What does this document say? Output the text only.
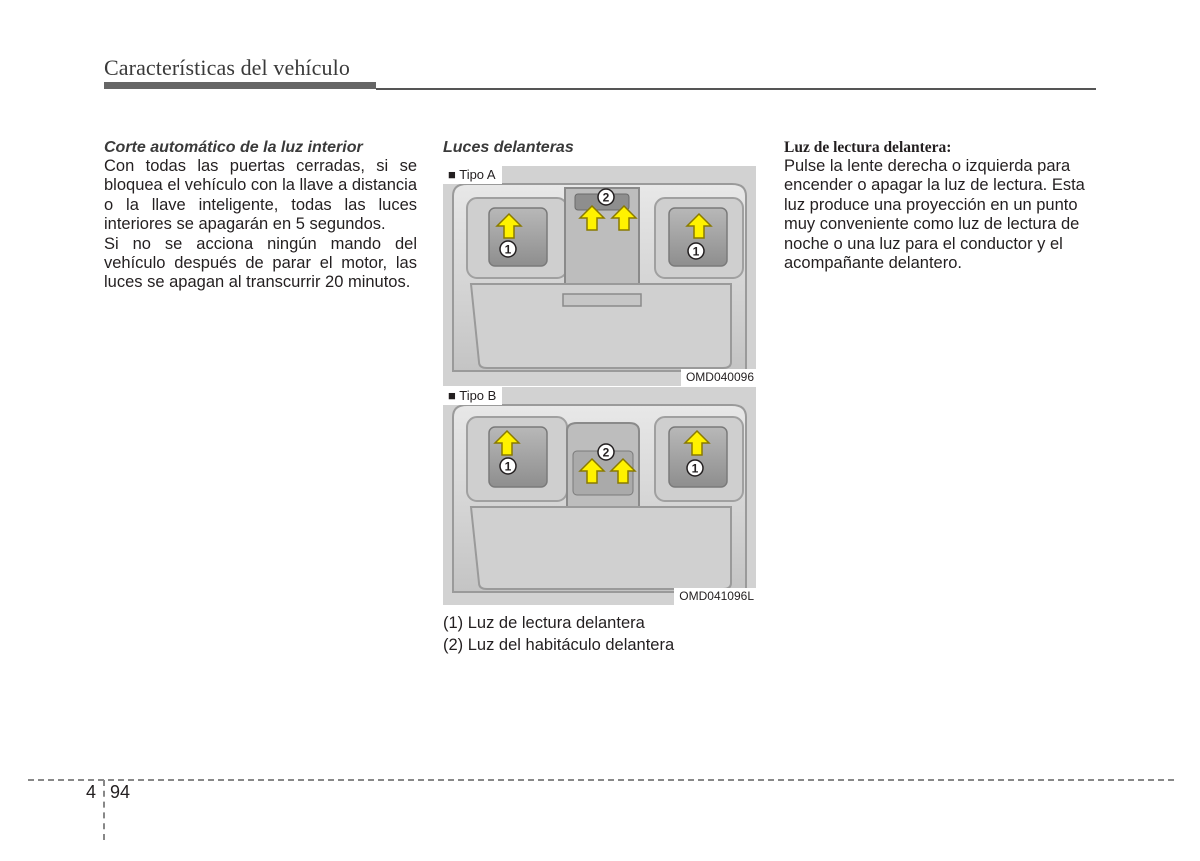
Características del vehículo
Corte automático de la luz interior

Con todas las puertas cerradas, si se bloquea el vehículo con la llave a distancia o la llave inteligente, todas las luces interiores se apagarán en 5 segundos.

Si no se acciona ningún mando del vehículo después de parar el motor, las luces se apagan al transcurrir 20 minutos.

Luces delanteras
1	1
2
■ Tipo A
OMD040096
1	1
2
■ Tipo B
OMD041096L
(1) Luz de lectura delantera
(2) Luz del habitáculo delantera
Luz de lectura delantera:

Pulse la lente derecha o izquierda para encender o apagar la luz de lectura. Esta luz produce una proyección en un punto muy conveniente como luz de lectura de noche o una luz para el conductor y el acompañante delantero.

4 94
